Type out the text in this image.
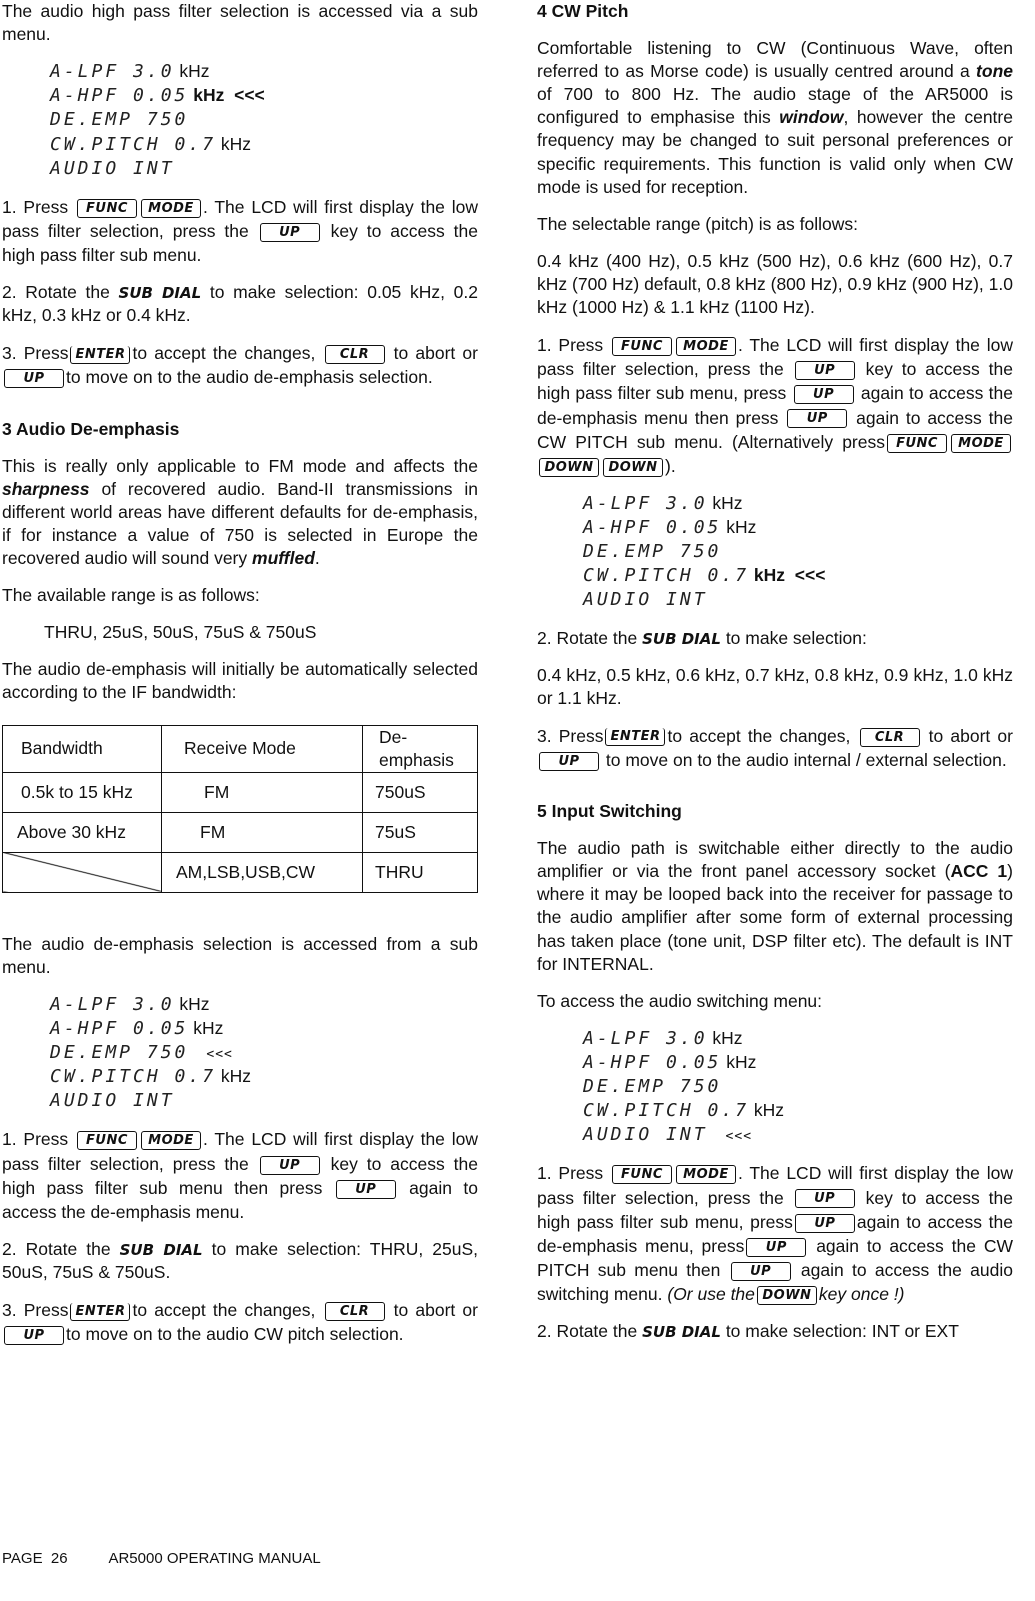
The audio high pass filter selection is accessed via a sub menu.

A-LPF 3.0 kHz
A-HPF 0.05 kHz <<<
DE.EMP 750
CW.PITCH 0.7 kHz
AUDIO INT

1. Press FUNC MODE . The LCD will first display the low pass filter selection, press the UP key to access the high pass filter sub menu.

2. Rotate the SUB DIAL to make selection: 0.05 kHz, 0.2 kHz, 0.3 kHz or 0.4 kHz.

3. Press ENTER to accept the changes, CLR to abort or UP to move on to the audio de-emphasis selection.

3 Audio De-emphasis

This is really only applicable to FM mode and affects the sharpness of recovered audio. Band-II transmissions in different world areas have different defaults for de-emphasis, if for instance a value of 750 is selected in Europe the recovered audio will sound very muffled.

The available range is as follows:

THRU, 25uS, 50uS, 75uS & 750uS

The audio de-emphasis will initially be automatically selected according to the IF bandwidth:

Bandwidth	Receive Mode	De-emphasis
0.5k to 15 kHz	FM	750uS
Above 30 kHz	FM	75uS
	AM,LSB,USB,CW	THRU

The audio de-emphasis selection is accessed from a sub menu.

A-LPF 3.0 kHz
A-HPF 0.05 kHz
DE.EMP 750 <<<
CW.PITCH 0.7 kHz
AUDIO INT

1. Press FUNC MODE . The LCD will first display the low pass filter selection, press the UP key to access the high pass filter sub menu then press	UP again to access the de-emphasis menu.

2. Rotate the SUB DIAL to make selection: THRU, 25uS, 50uS, 75uS & 750uS.

3. Press ENTER to accept the changes, CLR to abort or UP to move on to the audio CW pitch selection.

4 CW Pitch

Comfortable listening to CW (Continuous Wave, often referred to as Morse code) is usually centred around a tone of 700 to 800 Hz. The audio stage of the AR5000 is configured to emphasise this window, however the centre frequency may be changed to suit personal preferences or specific requirements. This function is valid only when CW mode is used for reception.

The selectable range (pitch) is as follows:

0.4 kHz (400 Hz), 0.5 kHz (500 Hz), 0.6 kHz (600 Hz), 0.7 kHz (700 Hz) default, 0.8 kHz (800 Hz), 0.9 kHz (900 Hz), 1.0 kHz (1000 Hz) & 1.1 kHz (1100 Hz).

1. Press FUNC MODE . The LCD will first display the low pass filter selection, press the UP key to access the high pass filter sub menu, press UP again to access the de-emphasis menu then press UP again to access the CW PITCH sub menu. (Alternatively press FUNC MODEDOWN DOWN ).

A-LPF 3.0 kHz
A-HPF 0.05 kHz
DE.EMP 750
CW.PITCH 0.7 kHz <<<
AUDIO INT

2. Rotate the SUB DIAL to make selection:

0.4 kHz, 0.5 kHz, 0.6 kHz, 0.7 kHz, 0.8 kHz, 0.9 kHz, 1.0 kHz or 1.1 kHz.

3. Press ENTER to accept the changes, CLR to abort or UP to move on to the audio internal / external selection.

5 Input Switching

The audio path is switchable either directly to the audio amplifier or via the front panel accessory socket (ACC 1) where it may be looped back into the receiver for passage to the audio amplifier after some form of external processing has taken place (tone unit, DSP filter etc). The default is INT for INTERNAL.

To access the audio switching menu:

A-LPF 3.0 kHz
A-HPF 0.05 kHz
DE.EMP 750
CW.PITCH 0.7 kHz
AUDIO INT <<<

1. Press FUNC MODE . The LCD will first display the low pass filter selection, press the UP key to access the high pass filter sub menu, press UP again to access the de-emphasis menu, press UP again to access the CW PITCH sub menu then UP again to access the audio switching menu. (Or use the DOWN key once !)

2. Rotate the SUB DIAL to make selection: INT or EXT

PAGE  26	AR5000 OPERATING MANUAL
